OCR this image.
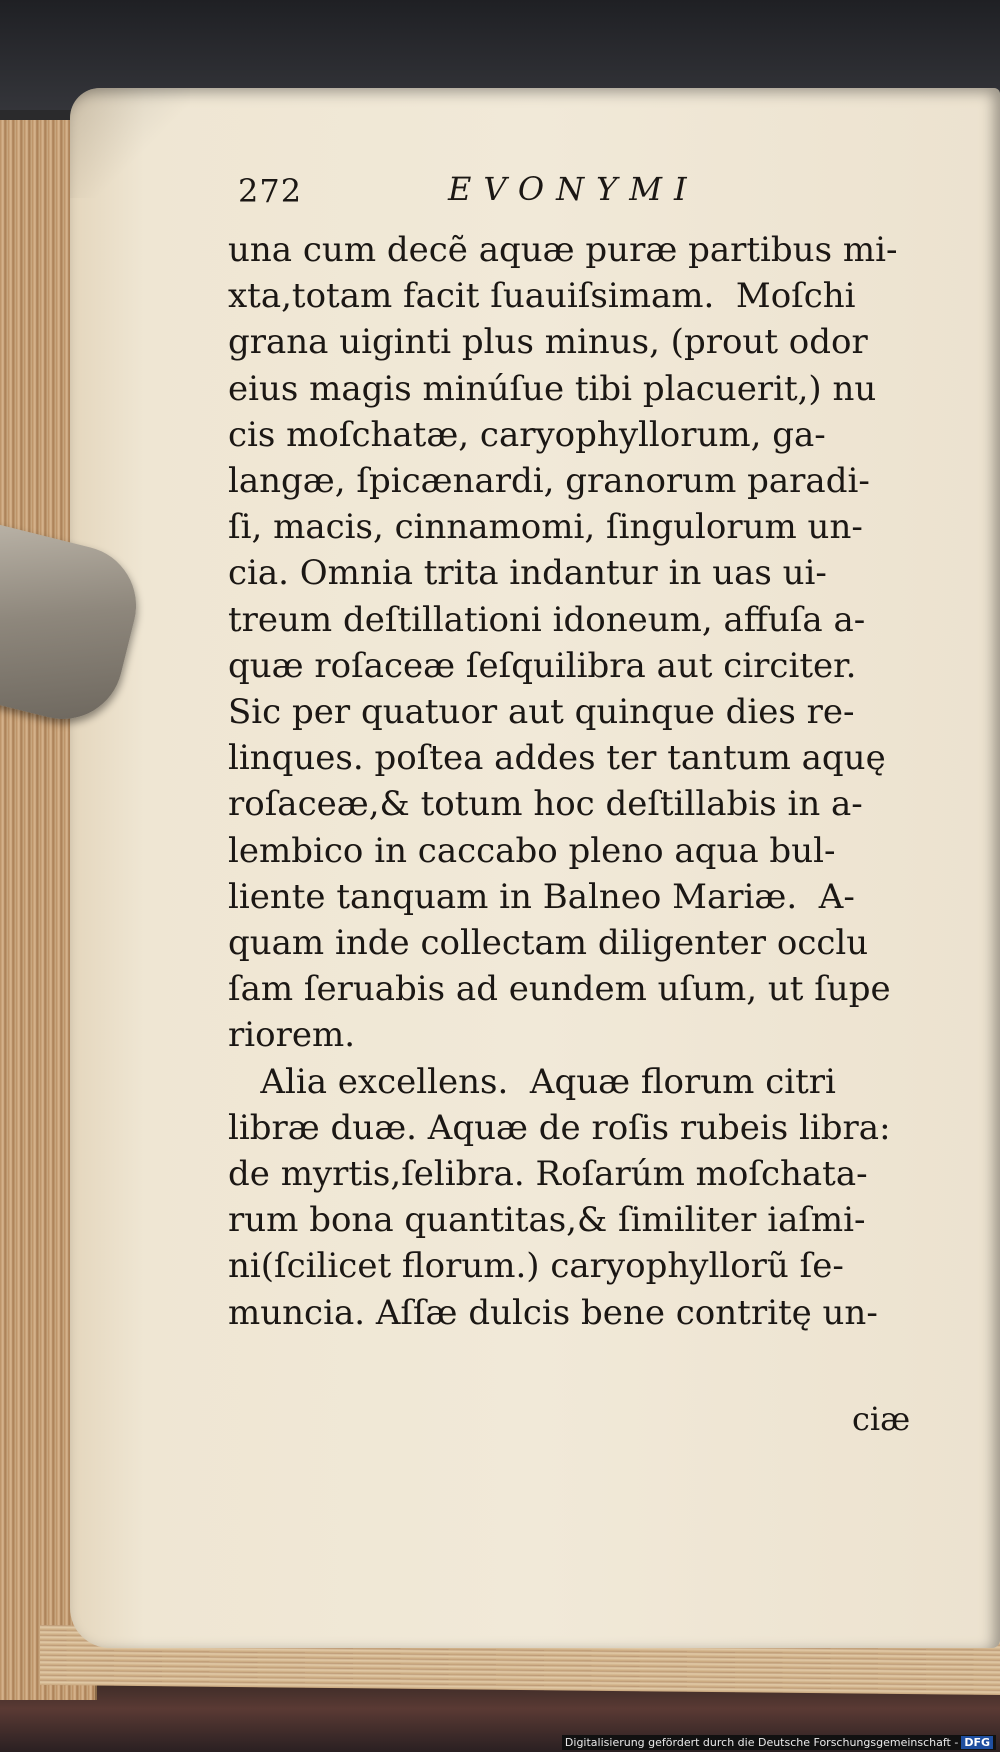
272	EVONYMI
una cum decẽ aquæ puræ partibus mi-
xta,totam facit ſuauiſsimam.  Moſchi
grana uiginti plus minus, (prout odor
eius magis minúſue tibi placuerit,) nu
cis moſchatæ, caryophyllorum, ga-
langæ, ſpicænardi, granorum paradi-
ſi, macis, cinnamomi, ſingulorum un-
cia. Omnia trita indantur in uas ui-
treum deſtillationi idoneum, affuſa a-
quæ roſaceæ ſeſquilibra aut circiter.
Sic per quatuor aut quinque dies re-
linques. poſtea addes ter tantum aquę
roſaceæ,& totum hoc deſtillabis in a-
lembico in caccabo pleno aqua bul-
liente tanquam in Balneo Mariæ.  A-
quam inde collectam diligenter occlu
ſam ſeruabis ad eundem uſum, ut ſupe
riorem.
Alia excellens.  Aquæ florum citri
libræ duæ. Aquæ de roſis rubeis libra:
de myrtis,ſelibra. Roſarúm moſchata-
rum bona quantitas,& ſimiliter iaſmi-
ni(ſcilicet florum.) caryophyllorũ ſe-
muncia. Aſſæ dulcis bene contritę un-
ciæ
Digitalisierung gefördert durch die Deutsche Forschungsgemeinschaft - DFG
